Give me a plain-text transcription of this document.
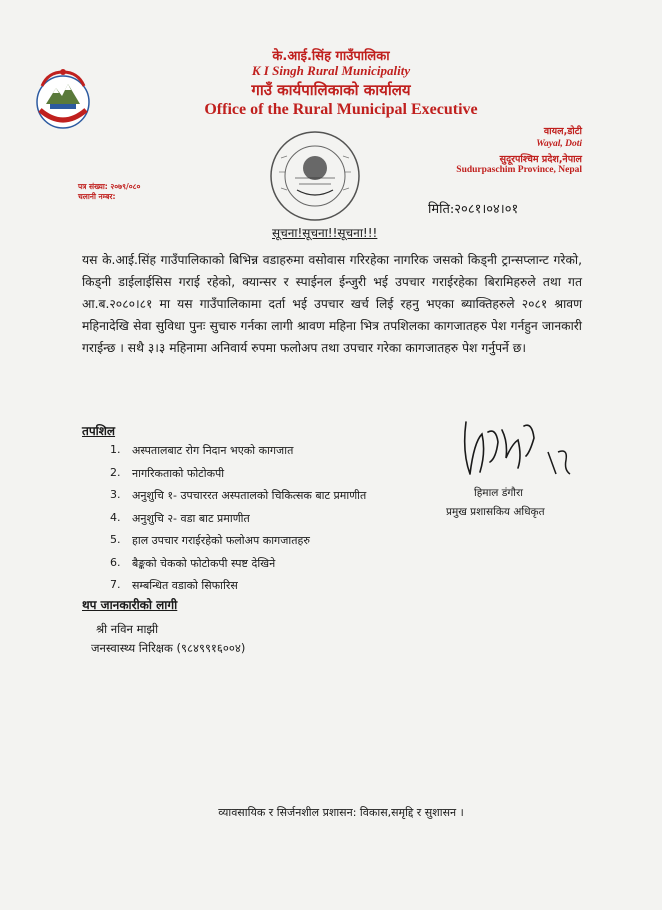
के.आई.सिंह गाउँपालिका
K I Singh Rural Municipality
गाउँ कार्यपालिकाको कार्यालय
Office of the Rural Municipal Executive
वायल,डोटी
Wayal, Doti
सुदूरपश्चिम प्रदेश,नेपाल
Sudurpaschim Province, Nepal
पत्र संख्या: २०७९/०८०
चलानी नम्बर:
मिति:२०८१।०४।०१
सूचना!सूचना!!सूचना!!!
यस के.आई.सिंह गाउँपालिकाको बिभिन्न वडाहरुमा वसोवास गरिरहेका नागरिक जसको किड्नी ट्रान्सप्लान्ट गरेको, किड्नी डाईलाईसिस गराई रहेको, क्यान्सर र स्पाईनल ईन्जुरी भई उपचार गराईरहेका बिरामिहरुले तथा गत आ.ब.२०८०।८१ मा यस गाउँपालिकामा दर्ता भई उपचार खर्च लिई रहनु भएका ब्याक्तिहरुले २०८१ श्रावण महिनादेखि सेवा सुविधा पुनः सुचारु गर्नका लागी श्रावण महिना भित्र तपशिलका कागजातहरु पेश गर्नहुन जानकारी गराईन्छ । सथै ३।३ महिनामा अनिवार्य रुपमा फलोअप तथा उपचार गरेका कागजातहरु पेश गर्नुपर्ने छ।
तपशिल
1.	अस्पतालबाट रोग निदान भएको कागजात
2.	नागरिकताको फोटोकपी
3.	अनुशुचि १- उपचाररत अस्पतालको चिकित्सक बाट प्रमाणीत
4.	अनुशुचि २- वडा बाट प्रमाणीत
5.	हाल उपचार गराईरहेको फलोअप कागजातहरु
6.	बैङ्कको चेकको फोटोकपी स्पष्ट देखिने
7.	सम्बन्धित वडाको सिफारिस
थप जानकारीको लागी
श्री नविन माझी
जनस्वास्थ्य निरिक्षक (९८४९९१६००४)
हिमाल डंगौरा
प्रमुख प्रशासकिय अधिकृत
व्यावसायिक र सिर्जनशील प्रशासन: विकास,समृद्दि र सुशासन ।
